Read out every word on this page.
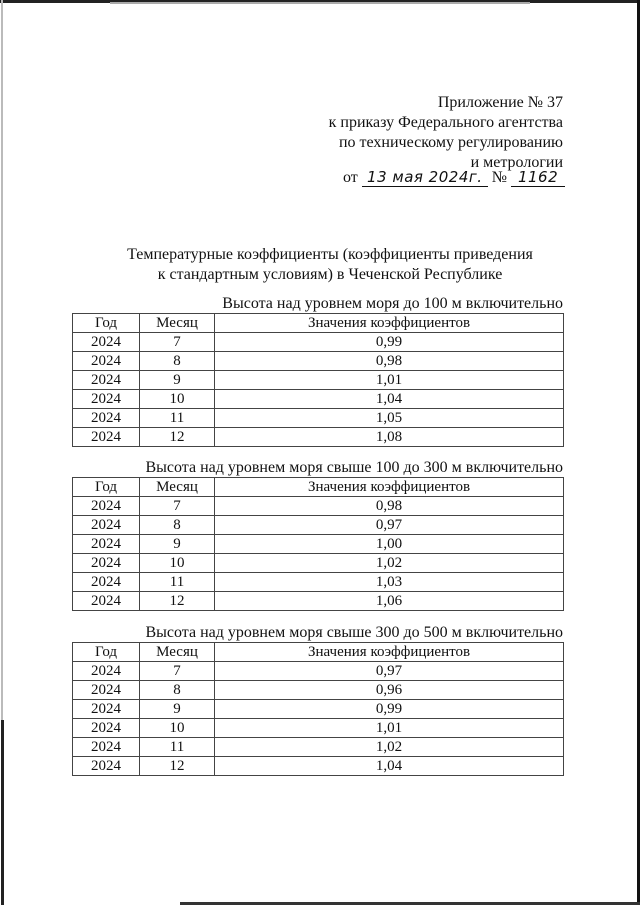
Приложение № 37
к приказу Федерального агентства
по техническому регулированию
и метрологии
от 13 мая 2024г. № 1162
Температурные коэффициенты (коэффициенты приведения
к стандартным условиям) в Чеченской Республике
Высота над уровнем моря до 100 м включительно
Год	Месяц	Значения коэффициентов
2024	7	0,99
2024	8	0,98
2024	9	1,01
2024	10	1,04
2024	11	1,05
2024	12	1,08
Высота над уровнем моря свыше 100 до 300 м включительно
Год	Месяц	Значения коэффициентов
2024	7	0,98
2024	8	0,97
2024	9	1,00
2024	10	1,02
2024	11	1,03
2024	12	1,06
Высота над уровнем моря свыше 300 до 500 м включительно
Год	Месяц	Значения коэффициентов
2024	7	0,97
2024	8	0,96
2024	9	0,99
2024	10	1,01
2024	11	1,02
2024	12	1,04
